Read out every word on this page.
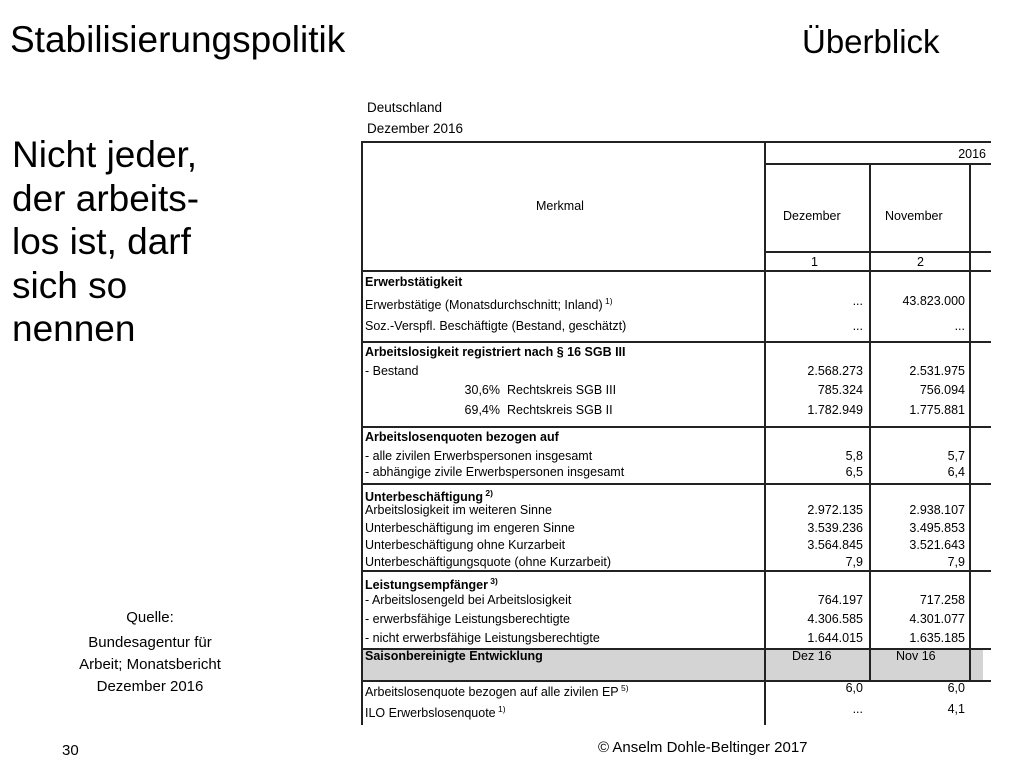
Stabilisierungspolitik	Überblick
Nicht jeder,
der arbeits-
los ist, darf
sich so
nennen
Quelle:
Bundesagentur für
Arbeit; Monatsbericht
Dezember 2016
30	© Anselm Dohle-Beltinger 2017
Deutschland
Dezember 2016
Merkmal
2016
Dezember	November
1	2
Erwerbstätigkeit
Erwerbstätige (Monatsdurchschnitt; Inland) $^{1)}$	...	43.823.000
Soz.-Verspfl. Beschäftigte (Bestand, geschätzt)	...	...
Arbeitslosigkeit registriert nach § 16 SGB III
- Bestand	2.568.273	2.531.975
30,6% Rechtskreis SGB III	785.324	756.094
69,4% Rechtskreis SGB II	1.782.949	1.775.881
Arbeitslosenquoten bezogen auf
- alle zivilen Erwerbspersonen insgesamt	5,8	5,7
- abhängige zivile Erwerbspersonen insgesamt	6,5	6,4
Unterbeschäftigung $^{2)}$
Arbeitslosigkeit im weiteren Sinne	2.972.135	2.938.107
Unterbeschäftigung im engeren Sinne	3.539.236	3.495.853
Unterbeschäftigung ohne Kurzarbeit	3.564.845	3.521.643
Unterbeschäftigungsquote (ohne Kurzarbeit)	7,9	7,9
Leistungsempfänger $^{3)}$
- Arbeitslosengeld bei Arbeitslosigkeit	764.197	717.258
- erwerbsfähige Leistungsberechtigte	4.306.585	4.301.077
- nicht erwerbsfähige Leistungsberechtigte	1.644.015	1.635.185
Saisonbereinigte Entwicklung	Dez 16	Nov 16
Arbeitslosenquote bezogen auf alle zivilen EP $^{5)}$	6,0	6,0
ILO Erwerbslosenquote $^{1)}$	...	4,1
